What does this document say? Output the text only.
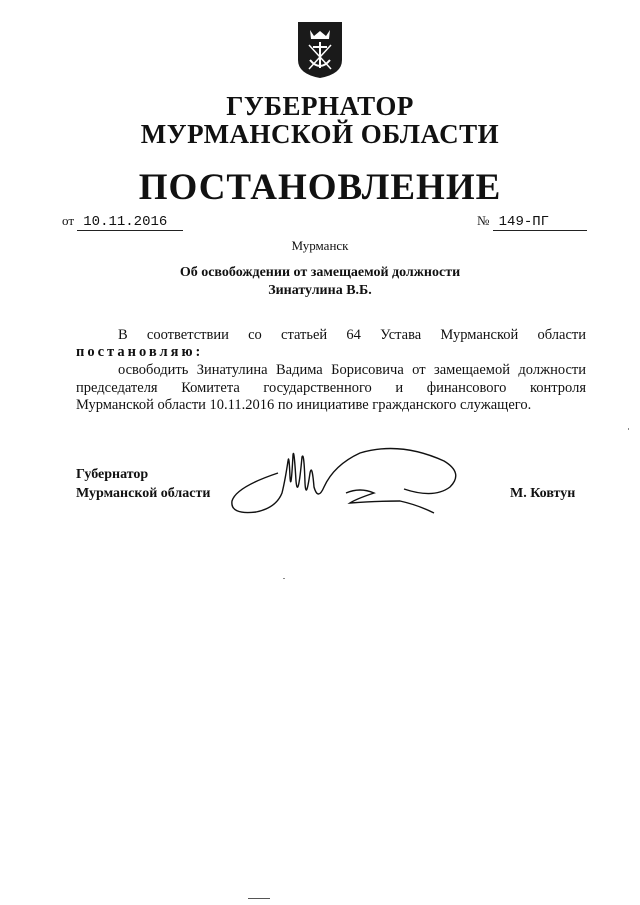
ГУБЕРНАТОР
МУРМАНСКОЙ ОБЛАСТИ
ПОСТАНОВЛЕНИЕ
от 10.11.2016	№ 149-ПГ
Мурманск
Об освобождении от замещаемой должности
Зинатулина В.Б.
В соответствии со статьей 64 Устава Мурманской области
постановляю:
освободить Зинатулина Вадима Борисовича от замещаемой должности
председателя Комитета государственного и финансового контроля
Мурманской области 10.11.2016 по инициативе гражданского служащего.
Губернатор
Мурманской области	М. Ковтун
